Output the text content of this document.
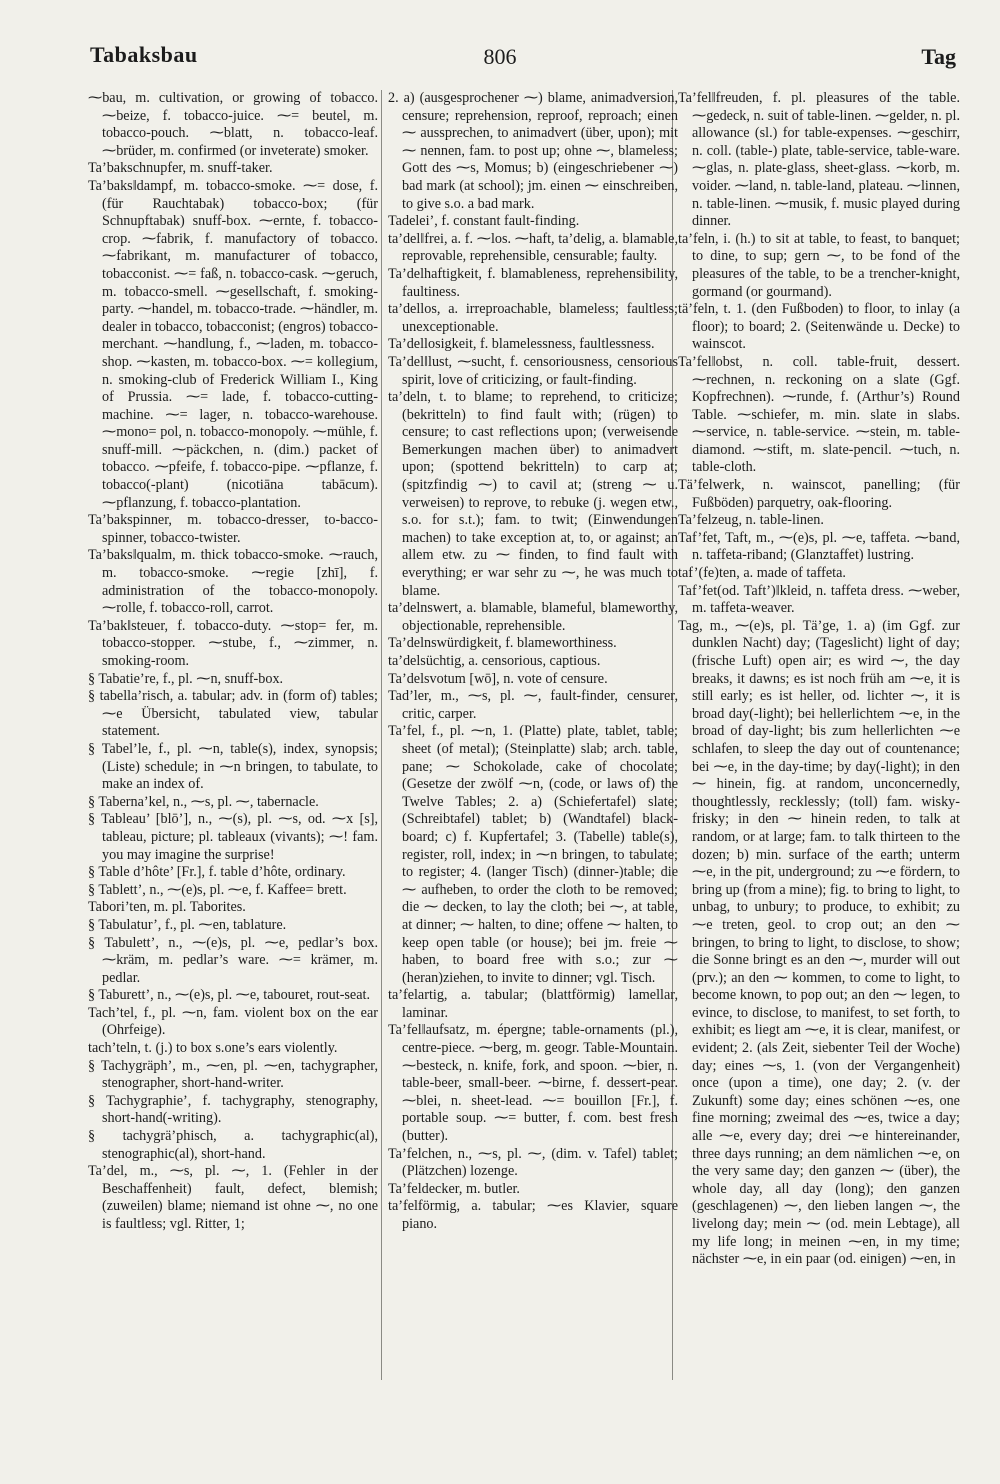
Tabaksbau	806	Tag

⁓bau, m. cultivation, or growing of tobacco. ⁓beize, f. tobacco-juice. ⁓= beutel, m. tobacco-pouch. ⁓blatt, n. tobacco-leaf. ⁓brüder, m. confirmed (or inveterate) smoker.

Ta’bakschnupfer, m. snuff-taker.

Ta’baks‖dampf, m. tobacco-smoke. ⁓= dose, f. (für Rauchtabak) tobacco-box; (für Schnupftabak) snuff-box. ⁓ernte, f. tobacco-crop. ⁓fabrik, f. manufactory of tobacco. ⁓fabrikant, m. manufacturer of tobacco, tobacconist. ⁓= faß, n. tobacco-cask. ⁓geruch, m. tobacco-smell. ⁓gesellschaft, f. smoking-party. ⁓handel, m. tobacco-trade. ⁓händler, m. dealer in tobacco, tobacconist; (engros) tobacco-merchant. ⁓handlung, f., ⁓laden, m. tobacco-shop. ⁓kasten, m. tobacco-box. ⁓= kollegium, n. smoking-club of Frederick William I., King of Prussia. ⁓= lade, f. tobacco-cutting-machine. ⁓= lager, n. tobacco-warehouse. ⁓mono= pol, n. tobacco-monopoly. ⁓mühle, f. snuff-mill. ⁓päckchen, n. (dim.) packet of tobacco. ⁓pfeife, f. tobacco-pipe. ⁓pflanze, f. tobacco(-plant) (nicotiāna tabācum). ⁓pflanzung, f. tobacco-plantation.

Ta’bakspinner, m. tobacco-dresser, to-bacco-spinner, tobacco-twister.

Ta’baks‖qualm, m. thick tobacco-smoke. ⁓rauch, m. tobacco-smoke. ⁓regie [zhī], f. administration of the tobacco-monopoly. ⁓rolle, f. tobacco-roll, carrot.

Ta’bak‖steuer, f. tobacco-duty. ⁓stop= fer, m. tobacco-stopper. ⁓stube, f., ⁓zimmer, n. smoking-room.

§ Tabatie’re, f., pl. ⁓n, snuff-box.

§ tabella’risch, a. tabular; adv. in (form of) tables; ⁓e Übersicht, tabulated view, tabular statement.

§ Tabel’le, f., pl. ⁓n, table(s), index, synopsis; (Liste) schedule; in ⁓n bringen, to tabulate, to make an index of.

§ Taberna’kel, n., ⁓s, pl. ⁓, tabernacle.

§ Tableau’ [blō’], n., ⁓(s), pl. ⁓s, od. ⁓x [s], tableau, picture; pl. tableaux (vivants); ⁓! fam. you may imagine the surprise!

§ Table d’hôte’ [Fr.], f. table d’hôte, ordinary.

§ Tablett’, n., ⁓(e)s, pl. ⁓e, f. Kaffee= brett.

Tabori’ten, m. pl. Taborites.

§ Tabulatur’, f., pl. ⁓en, tablature.

§ Tabulett’, n., ⁓(e)s, pl. ⁓e, pedlar’s box. ⁓kräm, m. pedlar’s ware. ⁓= krämer, m. pedlar.

§ Taburett’, n., ⁓(e)s, pl. ⁓e, tabouret, rout-seat.

Tach’tel, f., pl. ⁓n, fam. violent box on the ear (Ohrfeige).

tach’teln, t. (j.) to box s.one’s ears violently.

§ Tachygräph’, m., ⁓en, pl. ⁓en, tachygrapher, stenographer, short-hand-writer.

§ Tachygraphie’, f. tachygraphy, stenography, short-hand(-writing).

§ tachygrä’phisch, a. tachygraphic(al), stenographic(al), short-hand.

Ta’del, m., ⁓s, pl. ⁓, 1. (Fehler in der Beschaffenheit) fault, defect, blemish; (zuweilen) blame; niemand ist ohne ⁓, no one is faultless; vgl. Ritter, 1;

2. a) (ausgesprochener ⁓) blame, animadversion, censure; reprehension, reproof, reproach; einen ⁓ aussprechen, to animadvert (über, upon); mit ⁓ nennen, fam. to post up; ohne ⁓, blameless; Gott des ⁓s, Momus; b) (eingeschriebener ⁓) bad mark (at school); jm. einen ⁓ einschreiben, to give s.o. a bad mark.

Tadelei’, f. constant fault-finding.

ta’del‖frei, a. f. ⁓los. ⁓haft, ta’delig, a. blamable, reprovable, reprehensible, censurable; faulty.

Ta’delhaftigkeit, f. blamableness, reprehensibility, faultiness.

ta’dellos, a. irreproachable, blameless; faultless; unexceptionable.

Ta’dellosigkeit, f. blamelessness, faultlessness.

Ta’del‖lust, ⁓sucht, f. censoriousness, censorious spirit, love of criticizing, or fault-finding.

ta’deln, t. to blame; to reprehend, to criticize; (bekritteln) to find fault with; (rügen) to censure; to cast reflections upon; (verweisende Bemerkungen machen über) to animadvert upon; (spottend bekritteln) to carp at; (spitzfindig ⁓) to cavil at; (streng ⁓ u. verweisen) to reprove, to rebuke (j. wegen etw., s.o. for s.t.); fam. to twit; (Einwendungen machen) to take exception at, to, or against; an allem etw. zu ⁓ finden, to find fault with everything; er war sehr zu ⁓, he was much to blame.

ta’delnswert, a. blamable, blameful, blameworthy, objectionable, reprehensible.

Ta’delnswürdigkeit, f. blameworthiness.

ta’delsüchtig, a. censorious, captious.

Ta’delsvotum [wō], n. vote of censure.

Tad’ler, m., ⁓s, pl. ⁓, fault-finder, censurer, critic, carper.

Ta’fel, f., pl. ⁓n, 1. (Platte) plate, tablet, table; sheet (of metal); (Steinplatte) slab; arch. table, pane; ⁓ Schokolade, cake of chocolate; (Gesetze der zwölf ⁓n, (code, or laws of) the Twelve Tables; 2. a) (Schiefertafel) slate; (Schreibtafel) tablet; b) (Wandtafel) black-board; c) f. Kupfertafel; 3. (Tabelle) table(s), register, roll, index; in ⁓n bringen, to tabulate; to register; 4. (langer Tisch) (dinner-)table; die ⁓ aufheben, to order the cloth to be removed; die ⁓ decken, to lay the cloth; bei ⁓, at table, at dinner; ⁓ halten, to dine; offene ⁓ halten, to keep open table (or house); bei jm. freie ⁓ haben, to board free with s.o.; zur ⁓ (heran)ziehen, to invite to dinner; vgl. Tisch.

ta’felartig, a. tabular; (blattförmig) lamellar, laminar.

Ta’fel‖aufsatz, m. épergne; table-ornaments (pl.), centre-piece. ⁓berg, m. geogr. Table-Mountain. ⁓besteck, n. knife, fork, and spoon. ⁓bier, n. table-beer, small-beer. ⁓birne, f. dessert-pear. ⁓blei, n. sheet-lead. ⁓= bouillon [Fr.], f. portable soup. ⁓= butter, f. com. best fresh (butter).

Ta’felchen, n., ⁓s, pl. ⁓, (dim. v. Tafel) tablet; (Plätzchen) lozenge.

Ta’feldecker, m. butler.

ta’felförmig, a. tabular; ⁓es Klavier, square piano.

Ta’fel‖freuden, f. pl. pleasures of the table. ⁓gedeck, n. suit of table-linen. ⁓gelder, n. pl. allowance (sl.) for table-expenses. ⁓geschirr, n. coll. (table-) plate, table-service, table-ware. ⁓glas, n. plate-glass, sheet-glass. ⁓korb, m. voider. ⁓land, n. table-land, plateau. ⁓linnen, n. table-linen. ⁓musik, f. music played during dinner.

ta’feln, i. (h.) to sit at table, to feast, to banquet; to dine, to sup; gern ⁓, to be fond of the pleasures of the table, to be a trencher-knight, gormand (or gourmand).

tä’feln, t. 1. (den Fußboden) to floor, to inlay (a floor); to board; 2. (Seitenwände u. Decke) to wainscot.

Ta’fel‖obst, n. coll. table-fruit, dessert. ⁓rechnen, n. reckoning on a slate (Ggf. Kopfrechnen). ⁓runde, f. (Arthur’s) Round Table. ⁓schiefer, m. min. slate in slabs. ⁓service, n. table-service. ⁓stein, m. table-diamond. ⁓stift, m. slate-pencil. ⁓tuch, n. table-cloth.

Tä’felwerk, n. wainscot, panelling; (für Fußböden) parquetry, oak-flooring.

Ta’felzeug, n. table-linen.

Taf’fet, Taft, m., ⁓(e)s, pl. ⁓e, taffeta. ⁓band, n. taffeta-riband; (Glanztaffet) lustring.

taf’(fe)ten, a. made of taffeta.

Taf’fet(od. Taft’)‖kleid, n. taffeta dress. ⁓weber, m. taffeta-weaver.

Tag, m., ⁓(e)s, pl. Tä’ge, 1. a) (im Ggf. zur dunklen Nacht) day; (Tageslicht) light of day; (frische Luft) open air; es wird ⁓, the day breaks, it dawns; es ist noch früh am ⁓e, it is still early; es ist heller, od. lichter ⁓, it is broad day(-light); bei hellerlichtem ⁓e, in the broad of day-light; bis zum hellerlichten ⁓e schlafen, to sleep the day out of countenance; bei ⁓e, in the day-time; by day(-light); in den ⁓ hinein, fig. at random, unconcernedly, thoughtlessly, recklessly; (toll) fam. wisky-frisky; in den ⁓ hinein reden, to talk at random, or at large; fam. to talk thirteen to the dozen; b) min. surface of the earth; unterm ⁓e, in the pit, underground; zu ⁓e fördern, to bring up (from a mine); fig. to bring to light, to unbag, to unbury; to produce, to exhibit; zu ⁓e treten, geol. to crop out; an den ⁓ bringen, to bring to light, to disclose, to show; die Sonne bringt es an den ⁓, murder will out (prv.); an den ⁓ kommen, to come to light, to become known, to pop out; an den ⁓ legen, to evince, to disclose, to manifest, to set forth, to exhibit; es liegt am ⁓e, it is clear, manifest, or evident; 2. (als Zeit, siebenter Teil der Woche) day; eines ⁓s, 1. (von der Vergangenheit) once (upon a time), one day; 2. (v. der Zukunft) some day; eines schönen ⁓es, one fine morning; zweimal des ⁓es, twice a day; alle ⁓e, every day; drei ⁓e hintereinander, three days running; an dem nämlichen ⁓e, on the very same day; den ganzen ⁓ (über), the whole day, all day (long); den ganzen (geschlagenen) ⁓, den lieben langen ⁓, the livelong day; mein ⁓ (od. mein Lebtage), all my life long; in meinen ⁓en, in my time; nächster ⁓e, in ein paar (od. einigen) ⁓en, in
